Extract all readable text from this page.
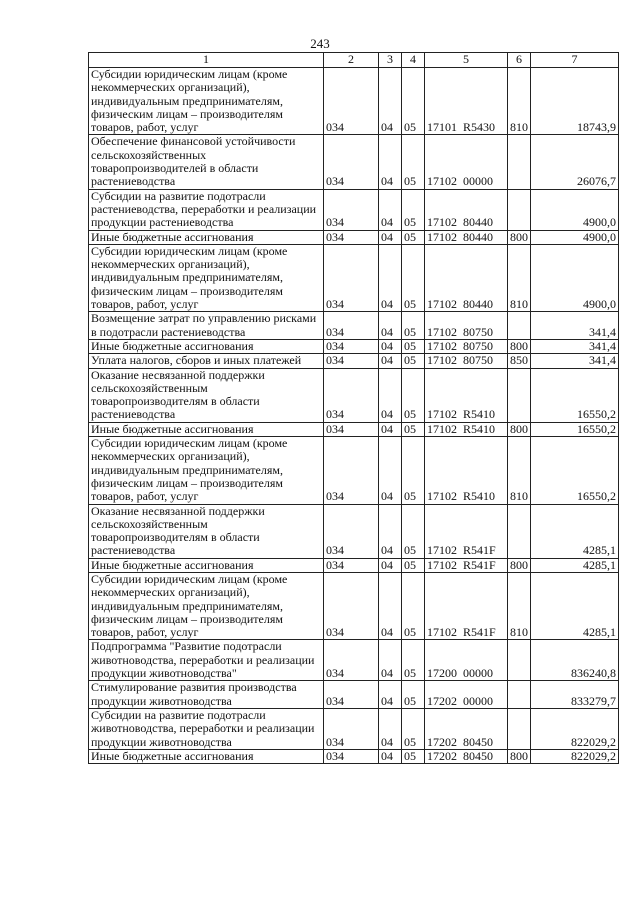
243
1	2	3	4	5	6	7
Субсидии юридическим лицам (кроме некоммерческих организаций), индивидуальным предпринимателям, физическим лицам – производителям товаров, работ, услуг	034	04	05	17101  R5430	810	18743,9
Обеспечение финансовой устойчивости сельскохозяйственных товаропроизводителей в области растениеводства	034	04	05	17102  00000		26076,7
Субсидии на развитие подотрасли растениеводства, переработки и реализации продукции растениеводства	034	04	05	17102  80440		4900,0
Иные бюджетные ассигнования	034	04	05	17102  80440	800	4900,0
Субсидии юридическим лицам (кроме некоммерческих организаций), индивидуальным предпринимателям, физическим лицам – производителям товаров, работ, услуг	034	04	05	17102  80440	810	4900,0
Возмещение затрат по управлению рисками в подотрасли растениеводства	034	04	05	17102  80750		341,4
Иные бюджетные ассигнования	034	04	05	17102  80750	800	341,4
Уплата налогов, сборов и иных платежей	034	04	05	17102  80750	850	341,4
Оказание несвязанной поддержки сельскохозяйственным товаропроизводителям в области растениеводства	034	04	05	17102  R5410		16550,2
Иные бюджетные ассигнования	034	04	05	17102  R5410	800	16550,2
Субсидии юридическим лицам (кроме некоммерческих организаций), индивидуальным предпринимателям, физическим лицам – производителям товаров, работ, услуг	034	04	05	17102  R5410	810	16550,2
Оказание несвязанной поддержки сельскохозяйственным товаропроизводителям в области растениеводства	034	04	05	17102  R541F		4285,1
Иные бюджетные ассигнования	034	04	05	17102  R541F	800	4285,1
Субсидии юридическим лицам (кроме некоммерческих организаций), индивидуальным предпринимателям, физическим лицам – производителям товаров, работ, услуг	034	04	05	17102  R541F	810	4285,1
Подпрограмма "Развитие подотрасли животноводства, переработки и реализации продукции животноводства"	034	04	05	17200  00000		836240,8
Стимулирование развития производства продукции животноводства	034	04	05	17202  00000		833279,7
Субсидии на развитие подотрасли животноводства, переработки и реализации продукции животноводства	034	04	05	17202  80450		822029,2
Иные бюджетные ассигнования	034	04	05	17202  80450	800	822029,2
